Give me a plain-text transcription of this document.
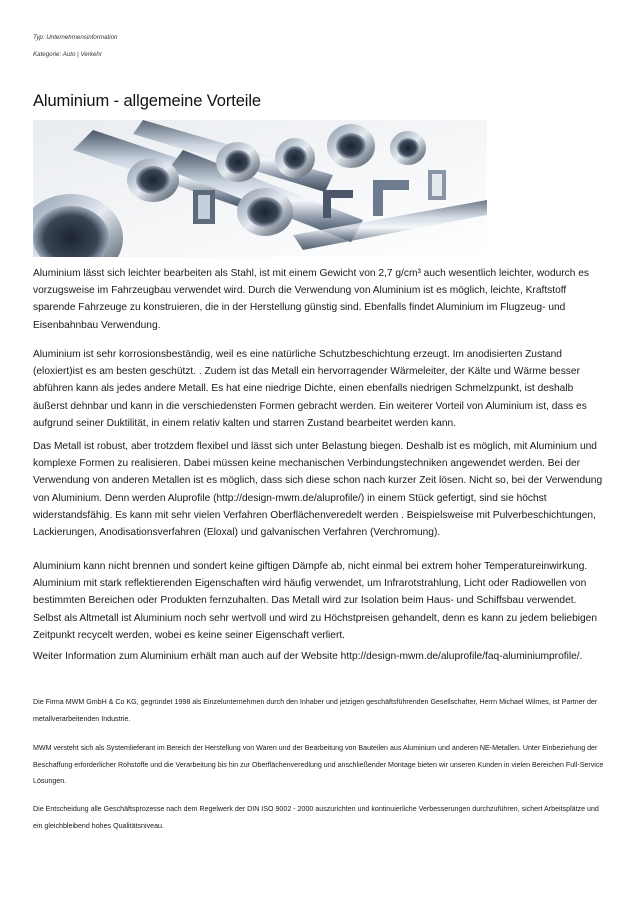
Typ: Unternehmensinformation
Kategorie: Auto | Verkehr
Aluminium - allgemeine Vorteile

Aluminium lässt sich leichter bearbeiten als Stahl, ist mit einem Gewicht von 2,7 g/cm³ auch wesentlich leichter, wodurch es vorzugsweise im Fahrzeugbau verwendet wird. Durch die Verwendung von Aluminium ist es möglich, leichte, Kraftstoff sparende Fahrzeuge zu konstruieren, die in der Herstellung günstig sind. Ebenfalls findet Aluminium im Flugzeug- und Eisenbahnbau Verwendung.

Aluminium ist sehr korrosionsbeständig, weil es eine natürliche Schutzbeschichtung erzeugt. Im anodisierten Zustand (eloxiert)ist es am besten geschützt. . Zudem ist das Metall ein hervorragender Wärmeleiter, der Kälte und Wärme besser abführen kann als jedes andere Metall. Es hat eine niedrige Dichte, einen ebenfalls niedrigen Schmelzpunkt, ist deshalb äußerst dehnbar und kann in die verschiedensten Formen gebracht werden. Ein weiterer Vorteil von Aluminium ist, dass es aufgrund seiner Duktilität, in einem relativ kalten und starren Zustand bearbeitet werden kann.

Das Metall ist robust, aber trotzdem flexibel und lässt sich unter Belastung biegen. Deshalb ist es möglich, mit Aluminium und komplexe Formen zu realisieren. Dabei müssen keine mechanischen Verbindungstechniken angewendet werden. Bei der Verwendung von anderen Metallen ist es möglich, dass sich diese schon nach kurzer Zeit lösen. Nicht so, bei der Verwendung von Aluminium. Denn werden Aluprofile (http://design-mwm.de/aluprofile/) in einem Stück gefertigt, sind sie höchst widerstandsfähig. Es kann mit sehr vielen Verfahren Oberflächenveredelt werden . Beispielsweise mit Pulverbeschichtungen, Lackierungen, Anodisationsverfahren (Eloxal) und galvanischen Verfahren (Verchromung).

Aluminium kann nicht brennen und sondert keine giftigen Dämpfe ab, nicht einmal bei extrem hoher Temperatureinwirkung. Aluminium mit stark reflektierenden Eigenschaften wird häufig verwendet, um Infrarotstrahlung, Licht oder Radiowellen von bestimmten Bereichen oder Produkten fernzuhalten. Das Metall wird zur Isolation beim Haus- und Schiffsbau verwendet. Selbst als Altmetall ist Aluminium noch sehr wertvoll und wird zu Höchstpreisen gehandelt, denn es kann zu jedem beliebigen Zeitpunkt recycelt werden, wobei es keine seiner Eigenschaft verliert.

Weiter Information zum Aluminium erhält man auch auf der Website http://design-mwm.de/aluprofile/faq-aluminiumprofile/.

Die Firma MWM GmbH & Co KG, gegründet 1998 als Einzelunternehmen durch den Inhaber und jetzigen geschäftsführenden Gesellschafter, Herrn Michael Wilmes, ist Partner der metallverarbeitenden Industrie.

MWM versteht sich als Systemlieferant im Bereich der Herstellung von Waren und der Bearbeitung von Bauteilen aus Aluminium und anderen NE-Metallen. Unter Einbeziehung der Beschaffung erforderlicher Rohstoffe und die Verarbeitung bis hin zur Oberflächenveredlung und anschließender Montage bieten wir unseren Kunden in vielen Bereichen Full-Service Lösungen.

Die Entscheidung alle Geschäftsprozesse nach dem Regelwerk der DIN ISO 9002 - 2000 auszurichten und kontinuierliche Verbesserungen durchzuführen, sichert Arbeitsplätze und ein gleichbleibend hohes Qualitätsniveau.
